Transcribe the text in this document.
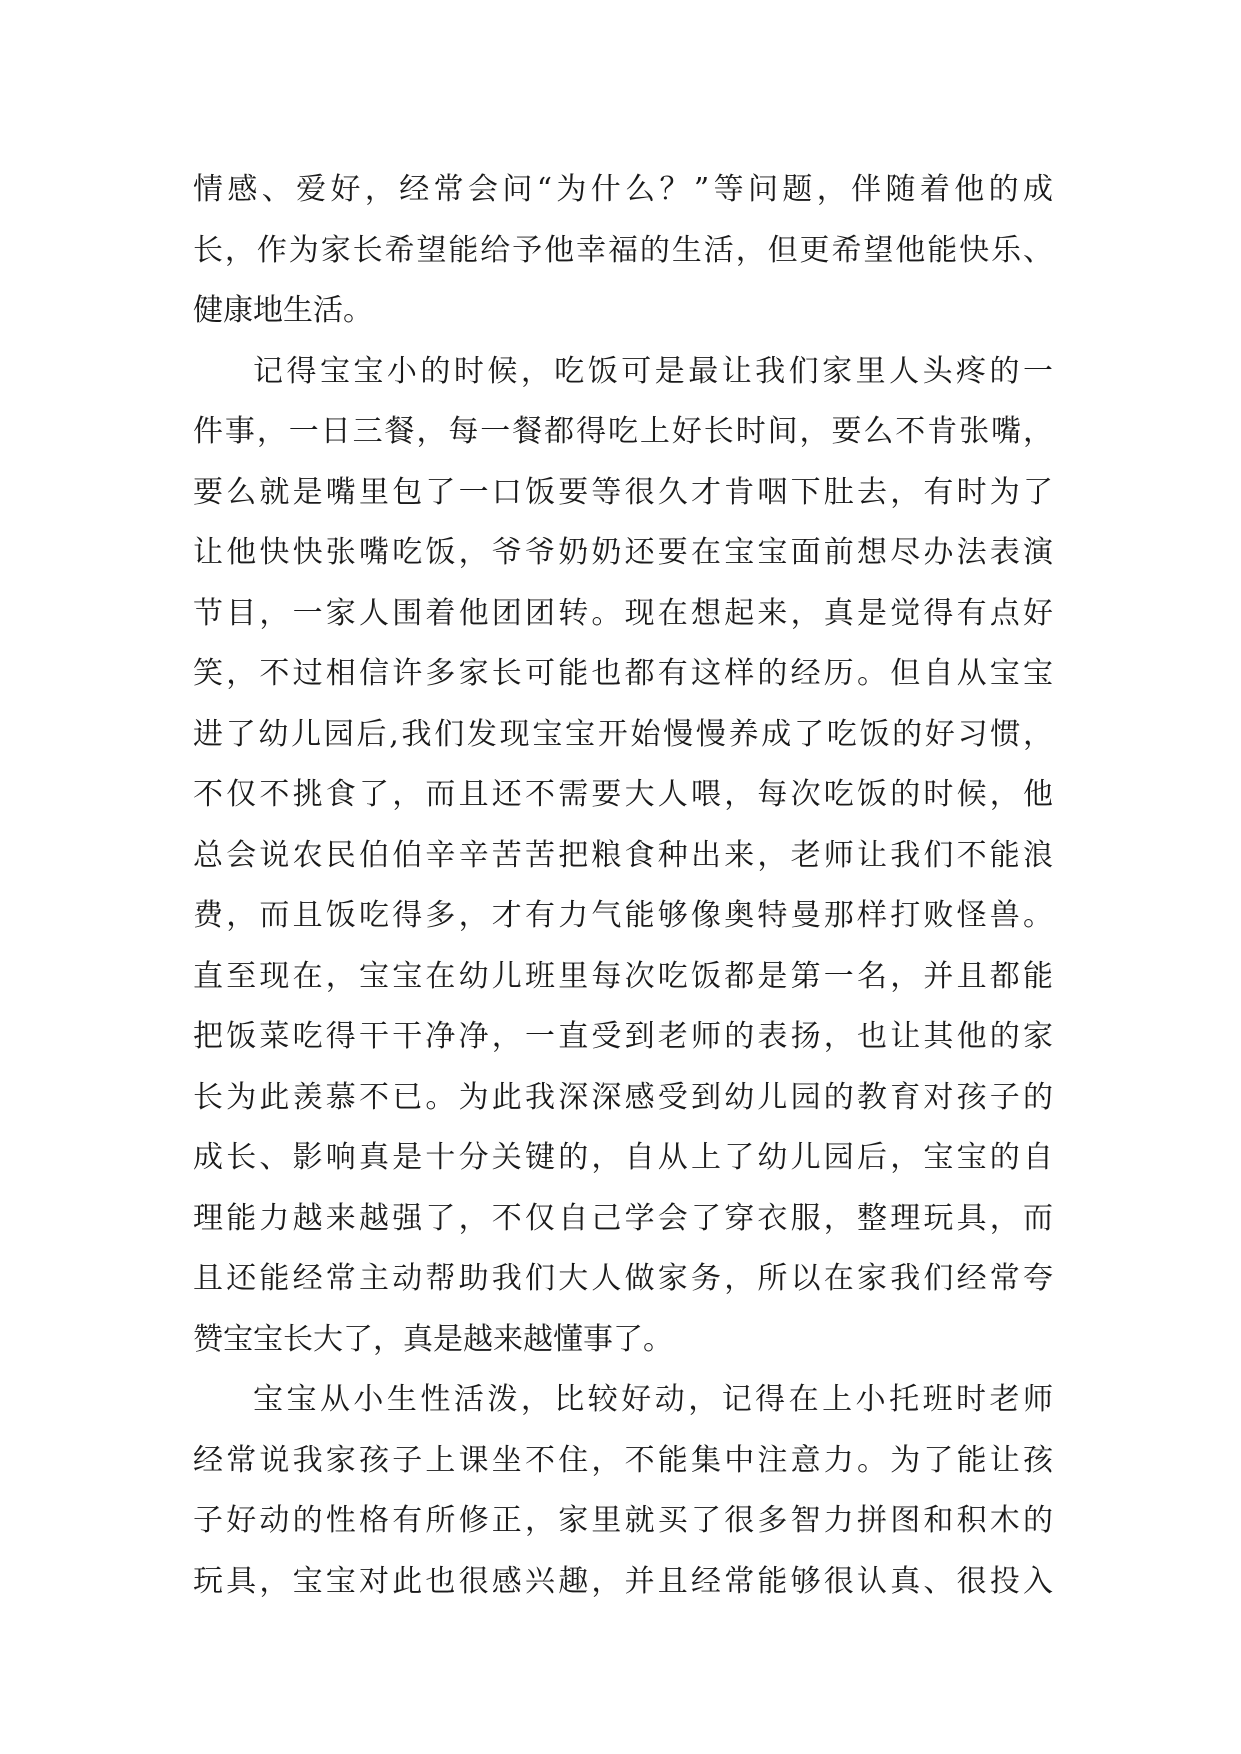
情感、爱好，经常会问“为什么？”等问题，伴随着他的成
长，作为家长希望能给予他幸福的生活，但更希望他能快乐、
健康地生活。
记得宝宝小的时候，吃饭可是最让我们家里人头疼的一
件事，一日三餐，每一餐都得吃上好长时间，要么不肯张嘴，
要么就是嘴里包了一口饭要等很久才肯咽下肚去，有时为了
让他快快张嘴吃饭，爷爷奶奶还要在宝宝面前想尽办法表演
节目，一家人围着他团团转。现在想起来，真是觉得有点好
笑，不过相信许多家长可能也都有这样的经历。但自从宝宝
进了幼儿园后,我们发现宝宝开始慢慢养成了吃饭的好习惯，
不仅不挑食了，而且还不需要大人喂，每次吃饭的时候，他
总会说农民伯伯辛辛苦苦把粮食种出来，老师让我们不能浪
费，而且饭吃得多，才有力气能够像奥特曼那样打败怪兽。
直至现在，宝宝在幼儿班里每次吃饭都是第一名，并且都能
把饭菜吃得干干净净，一直受到老师的表扬，也让其他的家
长为此羡慕不已。为此我深深感受到幼儿园的教育对孩子的
成长、影响真是十分关键的，自从上了幼儿园后，宝宝的自
理能力越来越强了，不仅自己学会了穿衣服，整理玩具，而
且还能经常主动帮助我们大人做家务，所以在家我们经常夸
赞宝宝长大了，真是越来越懂事了。
宝宝从小生性活泼，比较好动，记得在上小托班时老师
经常说我家孩子上课坐不住，不能集中注意力。为了能让孩
子好动的性格有所修正，家里就买了很多智力拼图和积木的
玩具，宝宝对此也很感兴趣，并且经常能够很认真、很投入
